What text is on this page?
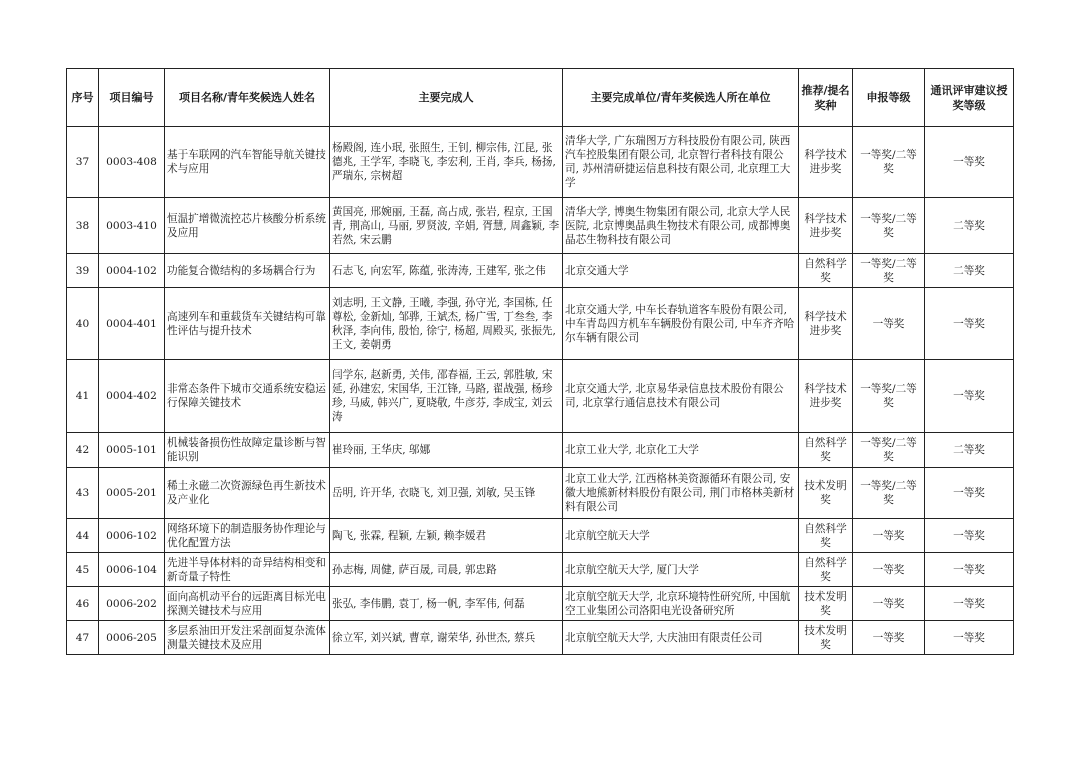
序号	项目编号	项目名称/青年奖候选人姓名	主要完成人	主要完成单位/青年奖候选人所在单位	推荐/提名奖种	申报等级	通讯评审建议授奖等级
37	0003-408	基于车联网的汽车智能导航关键技术与应用	杨殿阁, 连小珉, 张照生, 王钊, 柳宗伟, 江昆, 张德兆, 王学军, 李晓飞, 李宏利, 王肖, 李兵, 杨扬, 严瑞东, 宗树超	清华大学, 广东瑞图万方科技股份有限公司, 陕西汽车控股集团有限公司, 北京智行者科技有限公司, 苏州清研捷运信息科技有限公司, 北京理工大学	科学技术进步奖	一等奖/二等奖	一等奖
38	0003-410	恒温扩增微流控芯片核酸分析系统及应用	黄国亮, 邢婉丽, 王磊, 高占成, 张岩, 程京, 王国青, 荆高山, 马丽, 罗贤波, 辛娟, 胥慧, 周鑫颖, 李若然, 宋云鹏	清华大学, 博奥生物集团有限公司, 北京大学人民医院, 北京博奥晶典生物技术有限公司, 成都博奥晶芯生物科技有限公司	科学技术进步奖	一等奖/二等奖	二等奖
39	0004-102	功能复合微结构的多场耦合行为	石志飞, 向宏军, 陈蕴, 张涛涛, 王建军, 张之伟	北京交通大学	自然科学奖	一等奖/二等奖	二等奖
40	0004-401	高速列车和重载货车关键结构可靠性评估与提升技术	刘志明, 王文静, 王曦, 李强, 孙守光, 李国栋, 任尊松, 金新灿, 邹骅, 王斌杰, 杨广雪, 丁叁叁, 李秋泽, 李向伟, 殷怡, 徐宁, 杨超, 周殿买, 张振先, 王文, 姜朝勇	北京交通大学, 中车长春轨道客车股份有限公司, 中车青岛四方机车车辆股份有限公司, 中车齐齐哈尔车辆有限公司	科学技术进步奖	一等奖	一等奖
41	0004-402	非常态条件下城市交通系统安稳运行保障关键技术	闫学东, 赵新勇, 关伟, 邵春福, 王云, 郭胜敏, 宋延, 孙建宏, 宋国华, 王江锋, 马路, 翟战强, 杨珍珍, 马威, 韩兴广, 夏晓敬, 牛彦芬, 李成宝, 刘云涛	北京交通大学, 北京易华录信息技术股份有限公司, 北京掌行通信息技术有限公司	科学技术进步奖	一等奖/二等奖	一等奖
42	0005-101	机械装备损伤性故障定量诊断与智能识别	崔玲丽, 王华庆, 邬娜	北京工业大学, 北京化工大学	自然科学奖	一等奖/二等奖	二等奖
43	0005-201	稀土永磁二次资源绿色再生新技术及产业化	岳明, 许开华, 衣晓飞, 刘卫强, 刘敏, 吴玉锋	北京工业大学, 江西格林美资源循环有限公司, 安徽大地熊新材料股份有限公司, 荆门市格林美新材料有限公司	技术发明奖	一等奖/二等奖	一等奖
44	0006-102	网络环境下的制造服务协作理论与优化配置方法	陶飞, 张霖, 程颖, 左颖, 赖李媛君	北京航空航天大学	自然科学奖	一等奖	一等奖
45	0006-104	先进半导体材料的奇异结构相变和新奇量子特性	孙志梅, 周健, 萨百晟, 司晨, 郭忠路	北京航空航天大学, 厦门大学	自然科学奖	一等奖	一等奖
46	0006-202	面向高机动平台的远距离目标光电探测关键技术与应用	张弘, 李伟鹏, 袁丁, 杨一帆, 李军伟, 何磊	北京航空航天大学, 北京环境特性研究所, 中国航空工业集团公司洛阳电光设备研究所	技术发明奖	一等奖	一等奖
47	0006-205	多层系油田开发注采剖面复杂流体测量关键技术及应用	徐立军, 刘兴斌, 曹章, 谢荣华, 孙世杰, 蔡兵	北京航空航天大学, 大庆油田有限责任公司	技术发明奖	一等奖	一等奖
